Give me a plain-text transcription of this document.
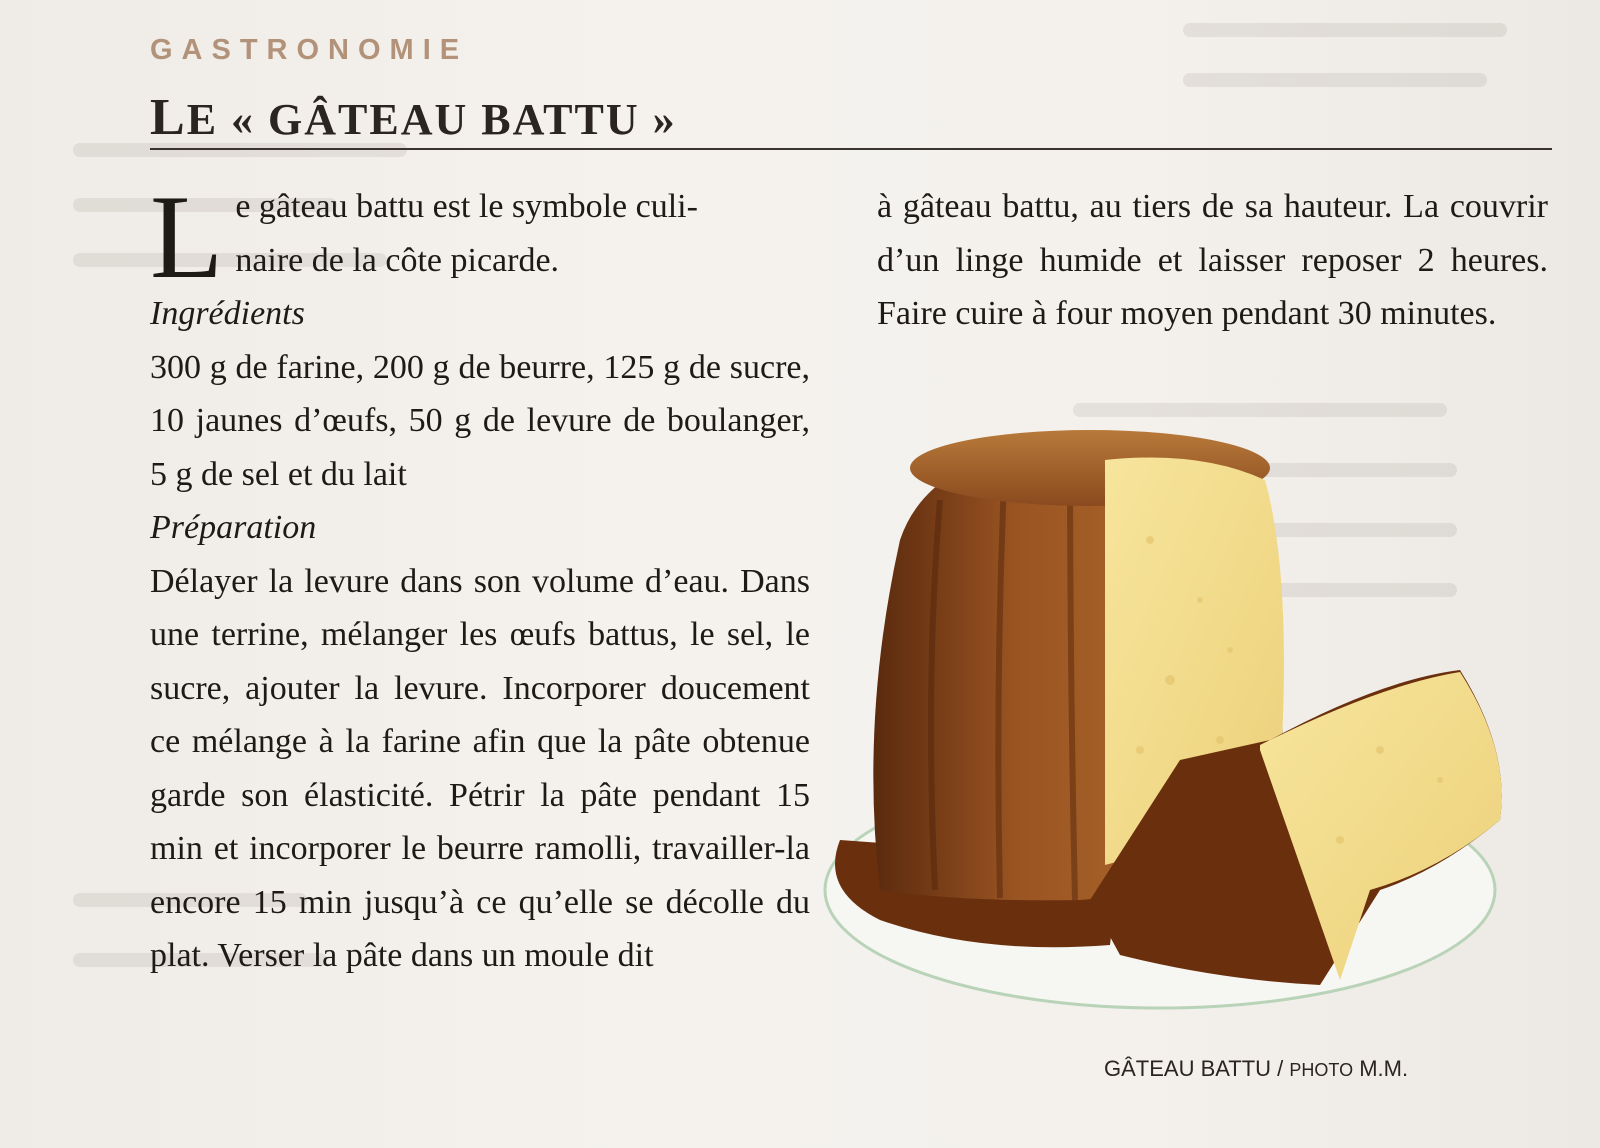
GASTRONOMIE
LE « GÂTEAU BATTU »

Le gâteau battu est le symbole culi-
naire de la côte picarde.

Ingrédients

300 g de farine, 200 g de beurre, 125 g de sucre, 10 jaunes d’œufs, 50 g de levure de boulanger, 5 g de sel et du lait

Préparation

Délayer la levure dans son volume d’eau. Dans une terrine, mélanger les œufs battus, le sel, le sucre, ajouter la levure. Incorporer doucement ce mélange à la farine afin que la pâte obtenue garde son élasticité. Pétrir la pâte pendant 15 min et incorporer le beurre ramolli, travailler-la encore 15 min jusqu’à ce qu’elle se décolle du plat. Verser la pâte dans un moule dit

à gâteau battu, au tiers de sa hauteur. La couvrir d’un linge humide et laisser reposer 2 heures. Faire cuire à four moyen pendant 30 minutes.

GÂTEAU BATTU / PHOTO M.M.
